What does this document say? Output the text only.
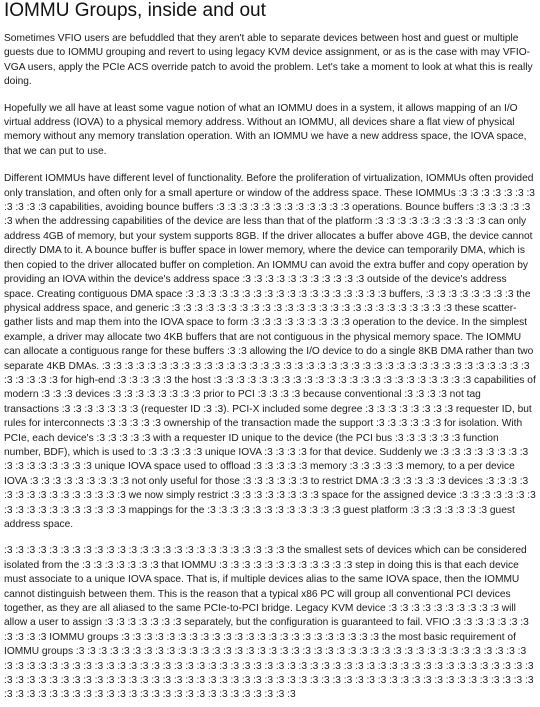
IOMMU Groups, inside and out

Sometimes VFIO users are befuddled that they aren't able to separate devices between host and guest or multiple guests due to IOMMU grouping and revert to using legacy KVM device assignment, or as is the case with may VFIO-VGA users, apply the PCIe ACS override patch to avoid the problem. Let's take a moment to look at what this is really doing.

Hopefully we all have at least some vague notion of what an IOMMU does in a system, it allows mapping of an I/O virtual address (IOVA) to a physical memory address. Without an IOMMU, all devices share a flat view of physical memory without any memory translation operation. With an IOMMU we have a new address space, the IOVA space, that we can put to use.

Different IOMMUs have different level of functionality. Before the proliferation of virtualization, IOMMUs often provided only translation, and often only for a small aperture or window of the address space. These IOMMUs :3 :3 :3 :3 :3 :3 :3 :3 :3 :3 :3 capabilities, avoiding bounce buffers :3 :3 :3 :3 :3 :3 :3 :3 :3 :3 :3 :3 operations. Bounce buffers :3 :3 :3 :3 :3 :3 when the addressing capabilities of the device are less than that of the platform :3 :3 :3 :3 :3 :3 :3 :3 :3 :3 can only address 4GB of memory, but your system supports 8GB. If the driver allocates a buffer above 4GB, the device cannot directly DMA to it. A bounce buffer is buffer space in lower memory, where the device can temporarily DMA, which is then copied to the driver allocated buffer on completion. An IOMMU can avoid the extra buffer and copy operation by providing an IOVA within the device's address space :3 :3 :3 :3 :3 :3 :3 :3 :3 :3 :3 outside of the device's address space. Creating contiguous DMA space :3 :3 :3 :3 :3 :3 :3 :3 :3 :3 :3 :3 :3 :3 :3 :3 :3 :3 buffers, :3 :3 :3 :3 :3 :3 :3 :3 the physical address space, and generic :3 :3 :3 :3 :3 :3 :3 :3 :3 :3 :3 :3 :3 :3 :3 :3 :3 :3 :3 :3 :3 :3 :3 :3 :3 these scatter-gather lists and map them into the IOVA space to form :3 :3 :3 :3 :3 :3 :3 :3 :3 operation to the device. In the simplest example, a driver may allocate two 4KB buffers that are not contiguous in the physical memory space. The IOMMU can allocate a contiguous range for these buffers :3 :3 allowing the I/O device to do a single 8KB DMA rather than two separate 4KB DMAs. :3 :3 :3 :3 :3 :3 :3 :3 :3 :3 :3 :3 :3 :3 :3 :3 :3 :3 :3 :3 :3 :3 :3 :3 :3 :3 :3 :3 :3 :3 :3 :3 :3 :3 :3 :3 :3 :3 :3 :3 :3 :3 :3 for high-end :3 :3 :3 :3 :3 the host :3 :3 :3 :3 :3 :3 :3 :3 :3 :3 :3 :3 :3 :3 :3 :3 :3 :3 :3 :3 :3 :3 :3 capabilities of modern :3 :3 :3 devices :3 :3 :3 :3 :3 :3 :3 :3 prior to PCI :3 :3 :3 :3 because conventional :3 :3 :3 :3 not tag transactions :3 :3 :3 :3 :3 :3 :3 (requester ID :3 :3). PCI-X included some degree :3 :3 :3 :3 :3 :3 :3 :3 requester ID, but rules for interconnects :3 :3 :3 :3 :3 ownership of the transaction made the support :3 :3 :3 :3 :3 :3 for isolation. With PCIe, each device's :3 :3 :3 :3 :3 with a requester ID unique to the device (the PCI bus :3 :3 :3 :3 :3 :3 function number, BDF), which is used to :3 :3 :3 :3 :3 unique IOVA :3 :3 :3 :3 for that device. Suddenly we :3 :3 :3 :3 :3 :3 :3 :3 :3 :3 :3 :3 :3 :3 :3 :3 unique IOVA space used to offload :3 :3 :3 :3 :3 memory :3 :3 :3 :3 :3 memory, to a per device IOVA :3 :3 :3 :3 :3 :3 :3 :3 :3 not only useful for those :3 :3 :3 :3 :3 :3 to restrict DMA :3 :3 :3 :3 :3 :3 devices :3 :3 :3 :3 :3 :3 :3 :3 :3 :3 :3 :3 :3 :3 :3 we now simply restrict :3 :3 :3 :3 :3 :3 :3 :3 space for the assigned device :3 :3 :3 :3 :3 :3 :3 :3 :3 :3 :3 :3 :3 :3 :3 :3 :3 :3 mappings for the :3 :3 :3 :3 :3 :3 :3 :3 :3 :3 :3 :3 guest platform :3 :3 :3 :3 :3 :3 :3 guest address space.

:3 :3 :3 :3 :3 :3 :3 :3 :3 :3 :3 :3 :3 :3 :3 :3 :3 :3 :3 :3 :3 :3 :3 :3 :3 the smallest sets of devices which can be considered isolated from the :3 :3 :3 :3 :3 :3 :3 that IOMMU :3 :3 :3 :3 :3 :3 :3 :3 :3 :3 :3 :3 step in doing this is that each device must associate to a unique IOVA space. That is, if multiple devices alias to the same IOVA space, then the IOMMU cannot distinguish between them. This is the reason that a typical x86 PC will group all conventional PCI devices together, as they are all aliased to the same PCIe-to-PCI bridge. Legacy KVM device :3 :3 :3 :3 :3 :3 :3 :3 :3 :3 will allow a user to assign :3 :3 :3 :3 :3 :3 :3 separately, but the configuration is guaranteed to fail. VFIO :3 :3 :3 :3 :3 :3 :3 :3 :3 :3 :3 IOMMU groups :3 :3 :3 :3 :3 :3 :3 :3 :3 :3 :3 :3 :3 :3 :3 :3 :3 :3 :3 :3 :3 :3 :3 the most basic requirement of IOMMU groups :3 :3 :3 :3 :3 :3 :3 :3 :3 :3 :3 :3 :3 :3 :3 :3 :3 :3 :3 :3 :3 :3 :3 :3 :3 :3 :3 :3 :3 :3 :3 :3 :3 :3 :3 :3 :3 :3 :3 :3 :3 :3 :3 :3 :3 :3 :3 :3 :3 :3 :3 :3 :3 :3 :3 :3 :3 :3 :3 :3 :3 :3 :3 :3 :3 :3 :3 :3 :3 :3 :3 :3 :3 :3 :3 :3 :3 :3 :3 :3 :3 :3 :3 :3 :3 :3 :3 :3 :3 :3 :3 :3 :3 :3 :3 :3 :3 :3 :3 :3 :3 :3 :3 :3 :3 :3 :3 :3 :3 :3 :3 :3 :3 :3 :3 :3 :3 :3 :3 :3 :3 :3 :3 :3 :3 :3 :3 :3 :3 :3 :3 :3 :3 :3 :3 :3 :3 :3 :3 :3 :3 :3 :3 :3 :3 :3 :3 :3 :3 :3 :3 :3 :3 :3 :3 :3 :3 :3 :3 :3
